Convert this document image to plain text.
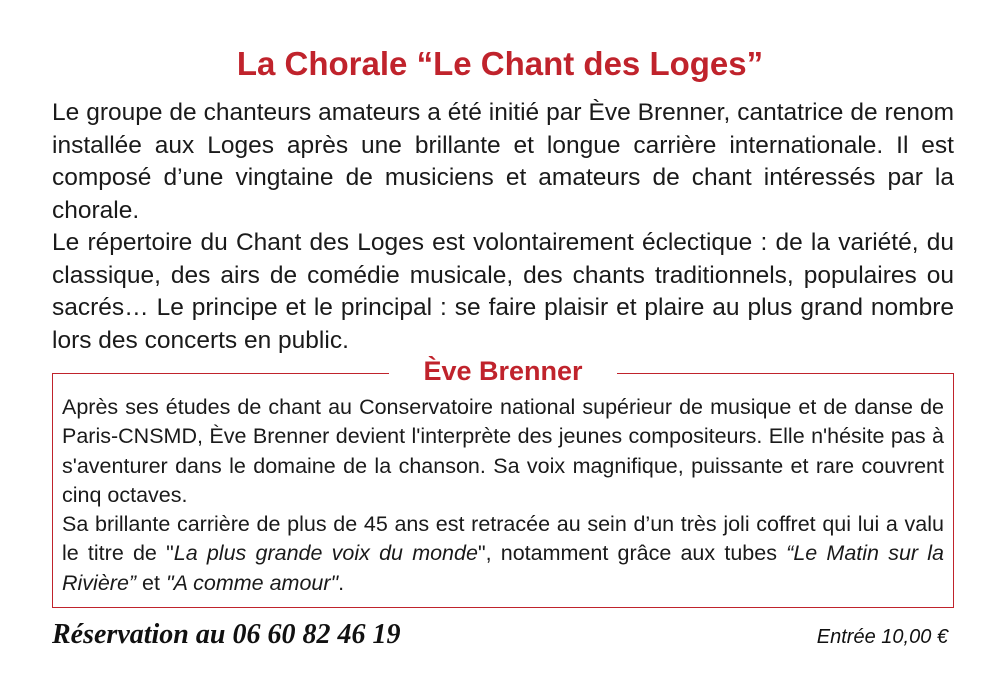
La Chorale “Le Chant des Loges”

Le groupe de chanteurs amateurs a été initié par Ève Brenner, cantatrice de renom installée aux Loges après une brillante et longue carrière internationale. Il est composé d’une vingtaine de musiciens et amateurs de chant intéressés par la chorale.

Le répertoire du Chant des Loges est volontairement éclectique : de la variété, du classique, des airs de comédie musicale, des chants traditionnels, populaires ou sacrés… Le principe et le principal : se faire plaisir et plaire au plus grand nombre lors des concerts en public.

Ève Brenner

Après ses études de chant au Conservatoire national supérieur de musique et de danse de Paris-CNSMD, Ève Brenner devient l'interprète des jeunes compositeurs. Elle n'hésite pas à s'aventurer dans le domaine de la chanson. Sa voix magnifique, puissante et rare couvrent cinq octaves.

Sa brillante carrière de plus de 45 ans est retracée au sein d’un très joli coffret qui lui a valu le titre de "La plus grande voix du monde", notamment grâce aux tubes “Le Matin sur la Rivière” et "A comme amour".

Réservation au 06 60 82 46 19	Entrée 10,00 €
